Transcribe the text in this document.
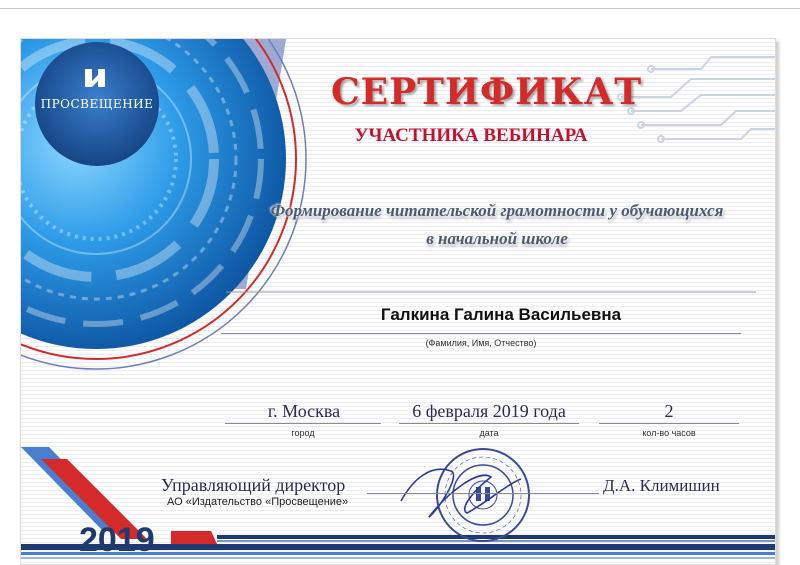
ПРОСВЕЩЕНИЕ	СЕРТИФИКАТ
УЧАСТНИКА ВЕБИНАРА
Формирование читательской грамотности у обучающихся
в начальной школе
Галкина Галина Васильевна
(Фамилия, Имя, Отчество)
г. Москва
город
6 февраля 2019 года
дата
2
кол-во часов
Управляющий директор
АО «Издательство «Просвещение»
Д.А. Климишин
2019
